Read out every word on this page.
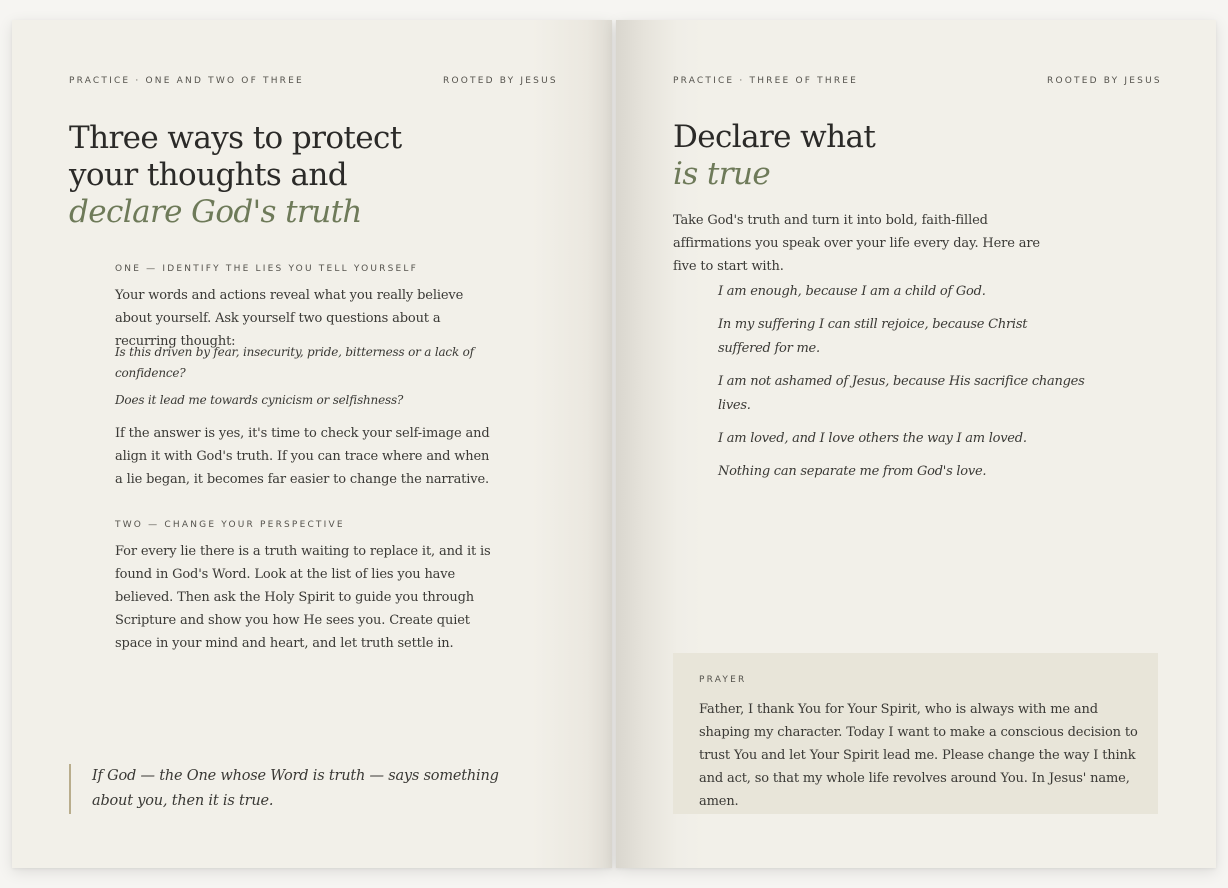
PRACTICE · ONE AND TWO OF THREE	ROOTED BY JESUS
Three ways to protect your thoughts and declare God's truth
ONE — IDENTIFY THE LIES YOU TELL YOURSELF

Your words and actions reveal what you really believe about yourself. Ask yourself two questions about a recurring thought:

Is this driven by fear, insecurity, pride, bitterness or a lack of confidence?

Does it lead me towards cynicism or selfishness?

If the answer is yes, it's time to check your self-image and align it with God's truth. If you can trace where and when a lie began, it becomes far easier to change the narrative.

TWO — CHANGE YOUR PERSPECTIVE

For every lie there is a truth waiting to replace it, and it is found in God's Word. Look at the list of lies you have believed. Then ask the Holy Spirit to guide you through Scripture and show you how He sees you. Create quiet space in your mind and heart, and let truth settle in.

If God — the One whose Word is truth — says something about you, then it is true.

PRACTICE · THREE OF THREE	ROOTED BY JESUS
Declare what
is true

Take God's truth and turn it into bold, faith-filled affirmations you speak over your life every day. Here are five to start with.

I am enough, because I am a child of God.
In my suffering I can still rejoice, because Christ suffered for me.
I am not ashamed of Jesus, because His sacrifice changes lives.
I am loved, and I love others the way I am loved.
Nothing can separate me from God's love.
PRAYER

Father, I thank You for Your Spirit, who is always with me and shaping my character. Today I want to make a conscious decision to trust You and let Your Spirit lead me. Please change the way I think and act, so that my whole life revolves around You. In Jesus' name, amen.
